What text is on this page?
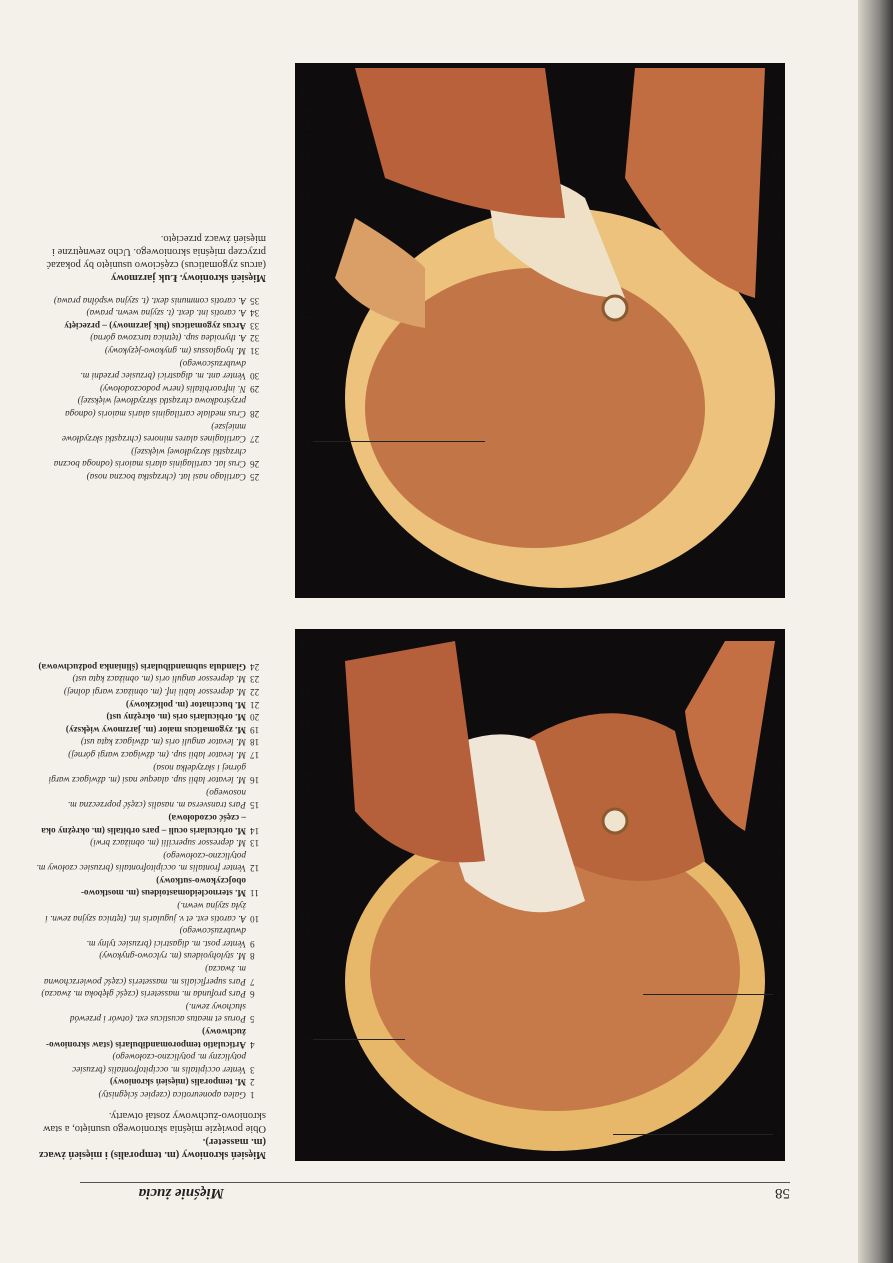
58
Mięśnie żucia
1
2
3
4
5
6
7
8
9
10
11
12
13
14
15
16
17
18
19
20
21
22
23
24
33
4
5
9
7
10
34
10
11
35
2
20
21
22
23
25
26
27
28
29
30
31
32
8
Mięsień skroniowy (m. temporalis) i mięsień żwacz (m. masseter).
Obie powięzie mięśnia skroniowego usunięto, a staw skroniowo-żuchwowy został otwarty.
1
Galea aponeurotica (czepiec ścięgnisty)
2
M. temporalis (mięsień skroniowy)
3
Venter occipitalis m. occipitofrontalis (brzusiec potyliczny m. potyliczno-czołowego)
4
Articulatio temporomandibularis (staw skroniowo-żuchwowy)
5
Porus et meatus acusticus ext. (otwór i przewód słuchowy zewn.)
6
Pars profunda m. masseteris (część głęboka m. żwacza)
7
Pars superficialis m. masseteris (część powierzchowna m. żwacza)
8
M. stylohyoideus (m. rylcowo-gnykowy)
9
Venter post. m. digastrici (brzusiec tylny m. dwubrzuścowego)
10
A. carotis ext. et v. jugularis int. (tętnica szyjna zewn. i żyła szyjna wewn.)
11
M. sternocleidomastoideus (m. mostkowo-obojczykowo-sutkowy)
12
Venter frontalis m. occipitofrontalis (brzusiec czołowy m. potyliczno-czołowego)
13
M. depressor supercilii (m. obniżacz brwi)
14
M. orbicularis oculi – pars orbitalis (m. okrężny oka – część oczodołowa)
15
Pars transversa m. nasalis (część poprzeczna m. nosowego)
16
M. levator labii sup. alaeque nasi (m. dźwigacz wargi górnej i skrzydełka nosa)
17
M. levator labii sup. (m. dźwigacz wargi górnej)
18
M. levator anguli oris (m. dźwigacz kąta ust)
19
M. zygomaticus maior (m. jarzmowy większy)
20
M. orbicularis oris (m. okrężny ust)
21
M. buccinator (m. policzkowy)
22
M. depressor labii inf. (m. obniżacz wargi dolnej)
23
M. depressor anguli oris (m. obniżacz kąta ust)
24
Glandula submandibularis (ślinianka podżuchwowa)
25
Cartilago nasi lat. (chrząstka boczna nosa)
26
Crus lat. cartilaginis alaris maioris (odnoga boczna chrząstki skrzydłowej większej)
27
Cartilagines alares minores (chrząstki skrzydłowe mniejsze)
28
Crus mediale cartilaginis alaris maioris (odnoga przyśrodkowa chrząstki skrzydłowej większej)
29
N. infraorbitalis (nerw podoczodołowy)
30
Venter ant. m. digastrici (brzusiec przedni m. dwubrzuścowego)
31
M. hyoglossus (m. gnykowo-językowy)
32
A. thyroidea sup. (tętnica tarczowa górna)
33
Arcus zygomaticus (łuk jarzmowy) – przecięty
34
A. carotis int. dext. (t. szyjna wewn. prawa)
35
A. carotis communis dext. (t. szyjna wspólna prawa)
Mięsień skroniowy. Łuk jarzmowy
(arcus zygomaticus) częściowo usunięto by pokazać przyczep mięśnia skroniowego. Ucho zewnętrzne i mięsień żwacz przecięto.
